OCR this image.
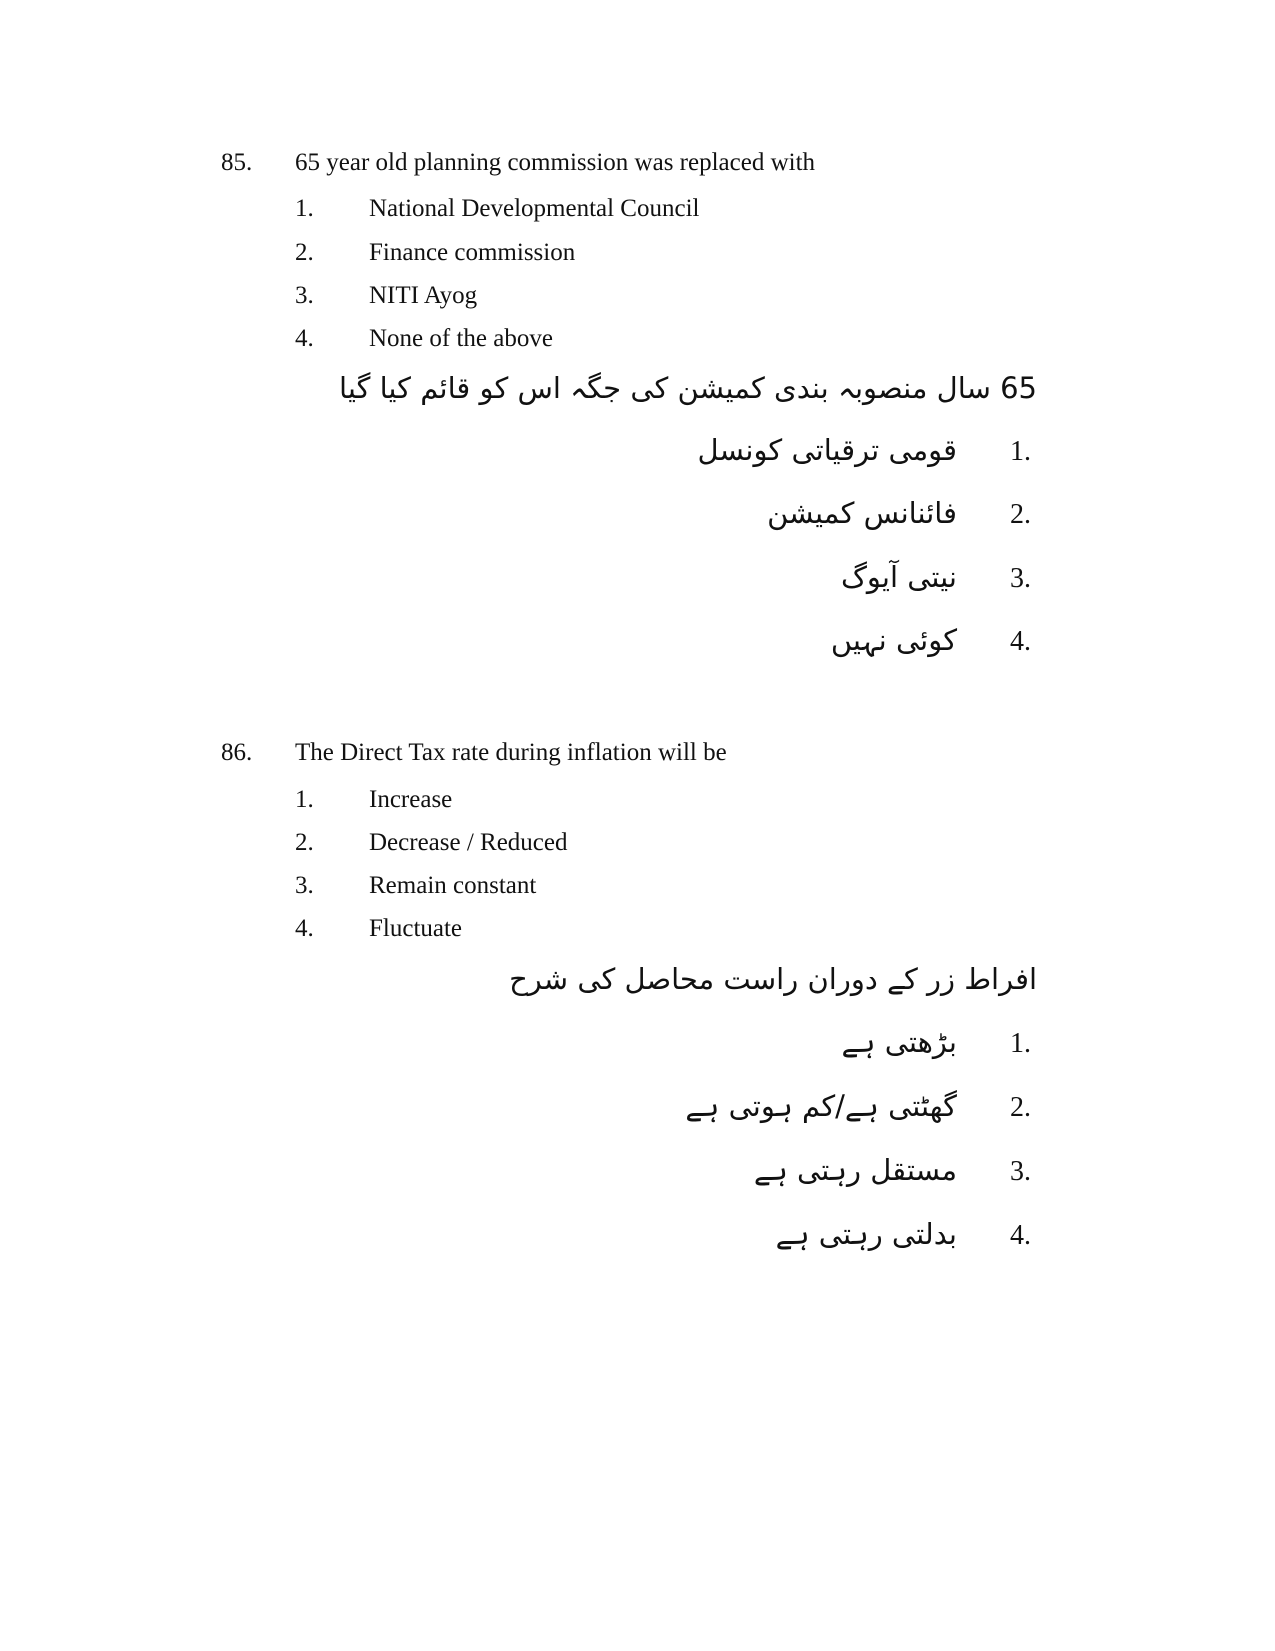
85. 65 year old planning commission was replaced with
1. National Developmental Council
2. Finance commission
3. NITI Ayog
4. None of the above
65 سال منصوبہ بندی کمیشن کی جگہ اس کو قائم کیا گیا
1.
قومی ترقیاتی کونسل
2.
فائنانس کمیشن
3.
نیتی آیوگ
4.
کوئی نہیں
86. The Direct Tax rate during inflation will be
1. Increase
2. Decrease / Reduced
3. Remain constant
4. Fluctuate
افراط زر کے دوران راست محاصل کی شرح
1.
بڑھتی ہے
2.
گھٹتی ہے/کم ہوتی ہے
3.
مستقل رہتی ہے
4.
بدلتی رہتی ہے
